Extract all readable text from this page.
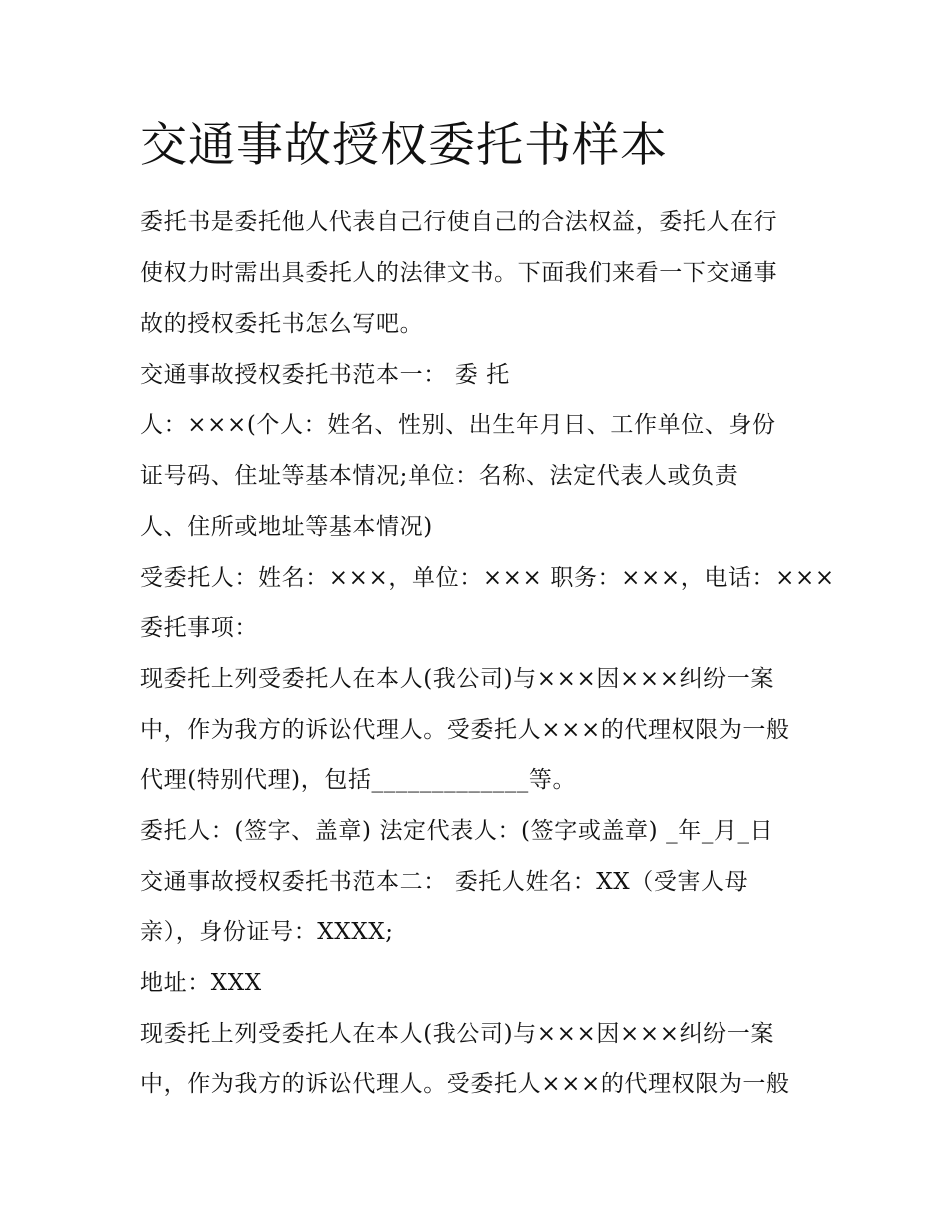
交通事故授权委托书样本

委托书是委托他人代表自己行使自己的合法权益，委托人在行

使权力时需出具委托人的法律文书。下面我们来看一下交通事

故的授权委托书怎么写吧。

交通事故授权委托书范本一： 委 托

人：×××(个人：姓名、性别、出生年月日、工作单位、身份

证号码、住址等基本情况;单位：名称、法定代表人或负责

人、住所或地址等基本情况)

受委托人：姓名：×××，单位：××× 职务：×××，电话：×××

委托事项：

现委托上列受委托人在本人(我公司)与×××因×××纠纷一案

中，作为我方的诉讼代理人。受委托人×××的代理权限为一般

代理(特别代理)，包括_____________等。

委托人：(签字、盖章) 法定代表人：(签字或盖章) _年_月_日

交通事故授权委托书范本二： 委托人姓名：XX（受害人母

亲），身份证号：XXXX;

地址：XXX

现委托上列受委托人在本人(我公司)与×××因×××纠纷一案

中，作为我方的诉讼代理人。受委托人×××的代理权限为一般
